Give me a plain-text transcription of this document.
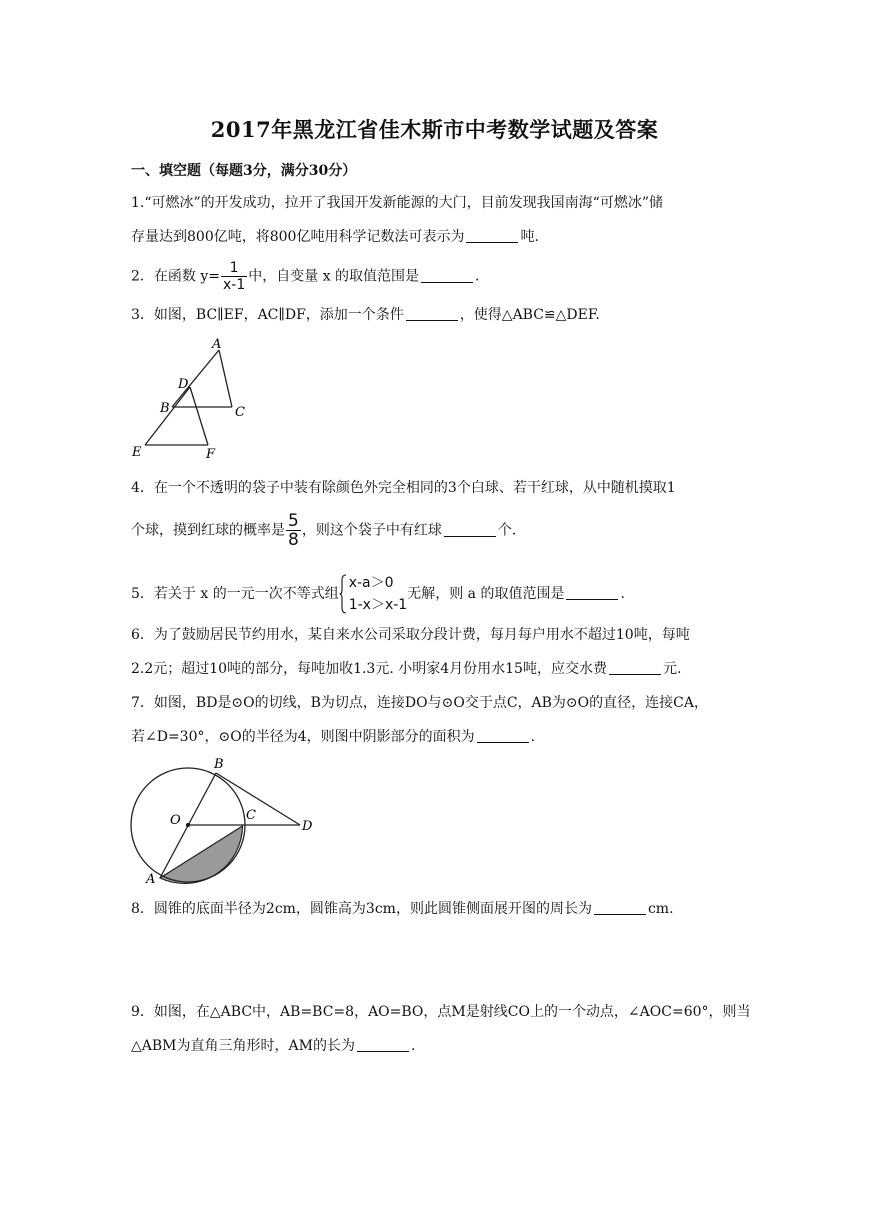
2017年黑龙江省佳木斯市中考数学试题及答案
一、填空题（每题3分，满分30分）
1.“可燃冰”的开发成功，拉开了我国开发新能源的大门，目前发现我国南海“可燃冰”储
存量达到800亿吨，将800亿吨用科学记数法可表示为	吨.
2．在函数 $y= \frac{1}{x-1}$ 中，自变量 x 的取值范围是	.
3．如图，BC∥EF，AC∥DF，添加一个条件	，使得△ABC≌△DEF.
A
D
B	C
E	F
4．在一个不透明的袋子中装有除颜色外完全相同的3个白球、若干红球，从中随机摸取1
个球，摸到红球的概率是 $\frac{5}{8}$ ，则这个袋子中有红球	个.
5．若关于 x 的一元一次不等式组
x-a＞0
1-x＞x-1
无解，则 a 的取值范围是	.
6．为了鼓励居民节约用水，某自来水公司采取分段计费，每月每户用水不超过10吨，每吨
2.2元；超过10吨的部分，每吨加收1.3元. 小明家4月份用水15吨，应交水费	元.
7．如图，BD是⊙O的切线，B为切点，连接DO与⊙O交于点C，AB为⊙O的直径，连接CA，
若∠D=30°，⊙O的半径为4，则图中阴影部分的面积为	.
B
O	C
D
A
8．圆锥的底面半径为2cm，圆锥高为3cm，则此圆锥侧面展开图的周长为	cm.
9．如图，在△ABC中，AB=BC=8，AO=BO，点M是射线CO上的一个动点，∠AOC=60°，则当
△ABM为直角三角形时，AM的长为	.
